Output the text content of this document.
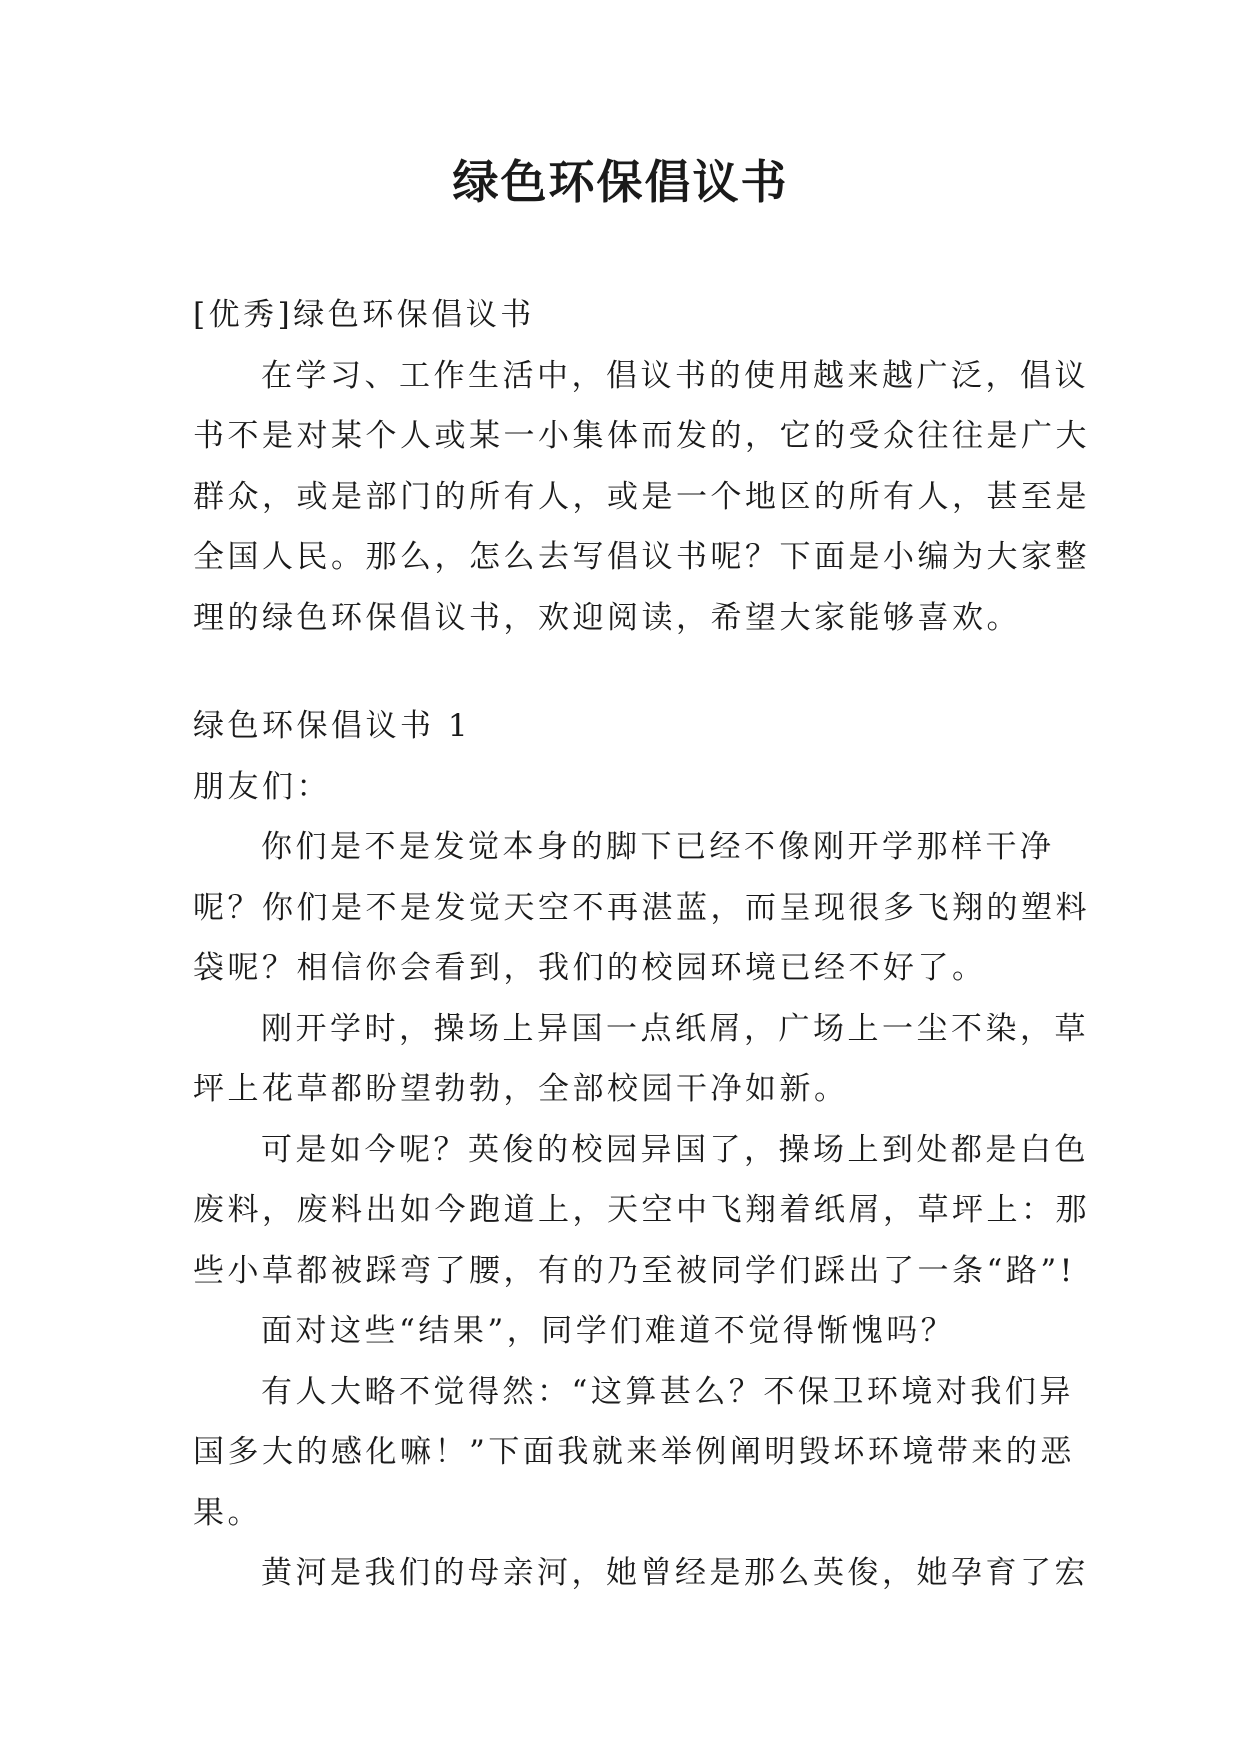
绿色环保倡议书
[优秀]绿色环保倡议书
在学习、工作生活中，倡议书的使用越来越广泛，倡议
书不是对某个人或某一小集体而发的，它的受众往往是广大
群众，或是部门的所有人，或是一个地区的所有人，甚至是
全国人民。那么，怎么去写倡议书呢？下面是小编为大家整
理的绿色环保倡议书，欢迎阅读，希望大家能够喜欢。
绿色环保倡议书 1
朋友们：
你们是不是发觉本身的脚下已经不像刚开学那样干净
呢？你们是不是发觉天空不再湛蓝，而呈现很多飞翔的塑料
袋呢？相信你会看到，我们的校园环境已经不好了。
刚开学时，操场上异国一点纸屑，广场上一尘不染，草
坪上花草都盼望勃勃，全部校园干净如新。
可是如今呢？英俊的校园异国了，操场上到处都是白色
废料，废料出如今跑道上，天空中飞翔着纸屑，草坪上：那
些小草都被踩弯了腰，有的乃至被同学们踩出了一条“路”!
面对这些“结果”，同学们难道不觉得惭愧吗？
有人大略不觉得然：“这算甚么？不保卫环境对我们异
国多大的感化嘛！”下面我就来举例阐明毁坏环境带来的恶
果。
黄河是我们的母亲河，她曾经是那么英俊，她孕育了宏
